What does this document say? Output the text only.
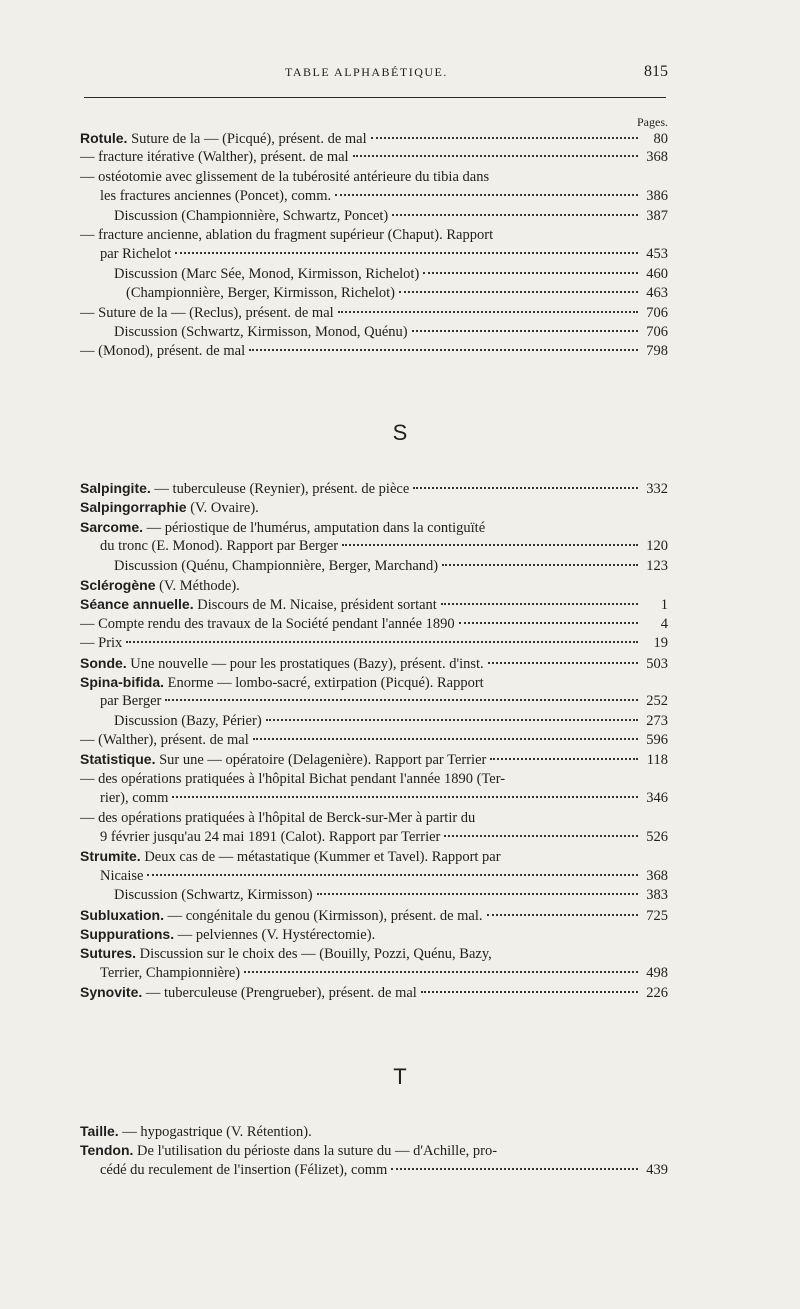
TABLE ALPHABÉTIQUE.	815
Pages.
Rotule. Suture de la — (Picqué), présent. de mal	80
— fracture itérative (Walther), présent. de mal	368
— ostéotomie avec glissement de la tubérosité antérieure du tibia dans
les fractures anciennes (Poncet), comm.	386
Discussion (Championnière, Schwartz, Poncet)	387
— fracture ancienne, ablation du fragment supérieur (Chaput). Rapport
par Richelot	453
Discussion (Marc Sée, Monod, Kirmisson, Richelot)	460
(Championnière, Berger, Kirmisson, Richelot)	463
— Suture de la — (Reclus), présent. de mal	706
Discussion (Schwartz, Kirmisson, Monod, Quénu)	706
— (Monod), présent. de mal	798
S
Salpingite. — tuberculeuse (Reynier), présent. de pièce	332
Salpingorraphie (V. Ovaire).
Sarcome. — périostique de l'humérus, amputation dans la contiguïté
du tronc (E. Monod). Rapport par Berger	120
Discussion (Quénu, Championnière, Berger, Marchand)	123
Sclérogène (V. Méthode).
Séance annuelle. Discours de M. Nicaise, président sortant	1
— Compte rendu des travaux de la Société pendant l'année 1890	4
— Prix	19
Sonde. Une nouvelle — pour les prostatiques (Bazy), présent. d'inst.	503
Spina-bifida. Enorme — lombo-sacré, extirpation (Picqué). Rapport
par Berger	252
Discussion (Bazy, Périer)	273
— (Walther), présent. de mal	596
Statistique. Sur une — opératoire (Delagenière). Rapport par Terrier	118
— des opérations pratiquées à l'hôpital Bichat pendant l'année 1890 (Ter-
rier), comm	346
— des opérations pratiquées à l'hôpital de Berck-sur-Mer à partir du
9 février jusqu'au 24 mai 1891 (Calot). Rapport par Terrier	526
Strumite. Deux cas de — métastatique (Kummer et Tavel). Rapport par
Nicaise	368
Discussion (Schwartz, Kirmisson)	383
Subluxation. — congénitale du genou (Kirmisson), présent. de mal.	725
Suppurations. — pelviennes (V. Hystérectomie).
Sutures. Discussion sur le choix des — (Bouilly, Pozzi, Quénu, Bazy,
Terrier, Championnière)	498
Synovite. — tuberculeuse (Prengrueber), présent. de mal	226
T
Taille. — hypogastrique (V. Rétention).
Tendon. De l'utilisation du périoste dans la suture du — d'Achille, pro-
cédé du reculement de l'insertion (Félizet), comm	439
